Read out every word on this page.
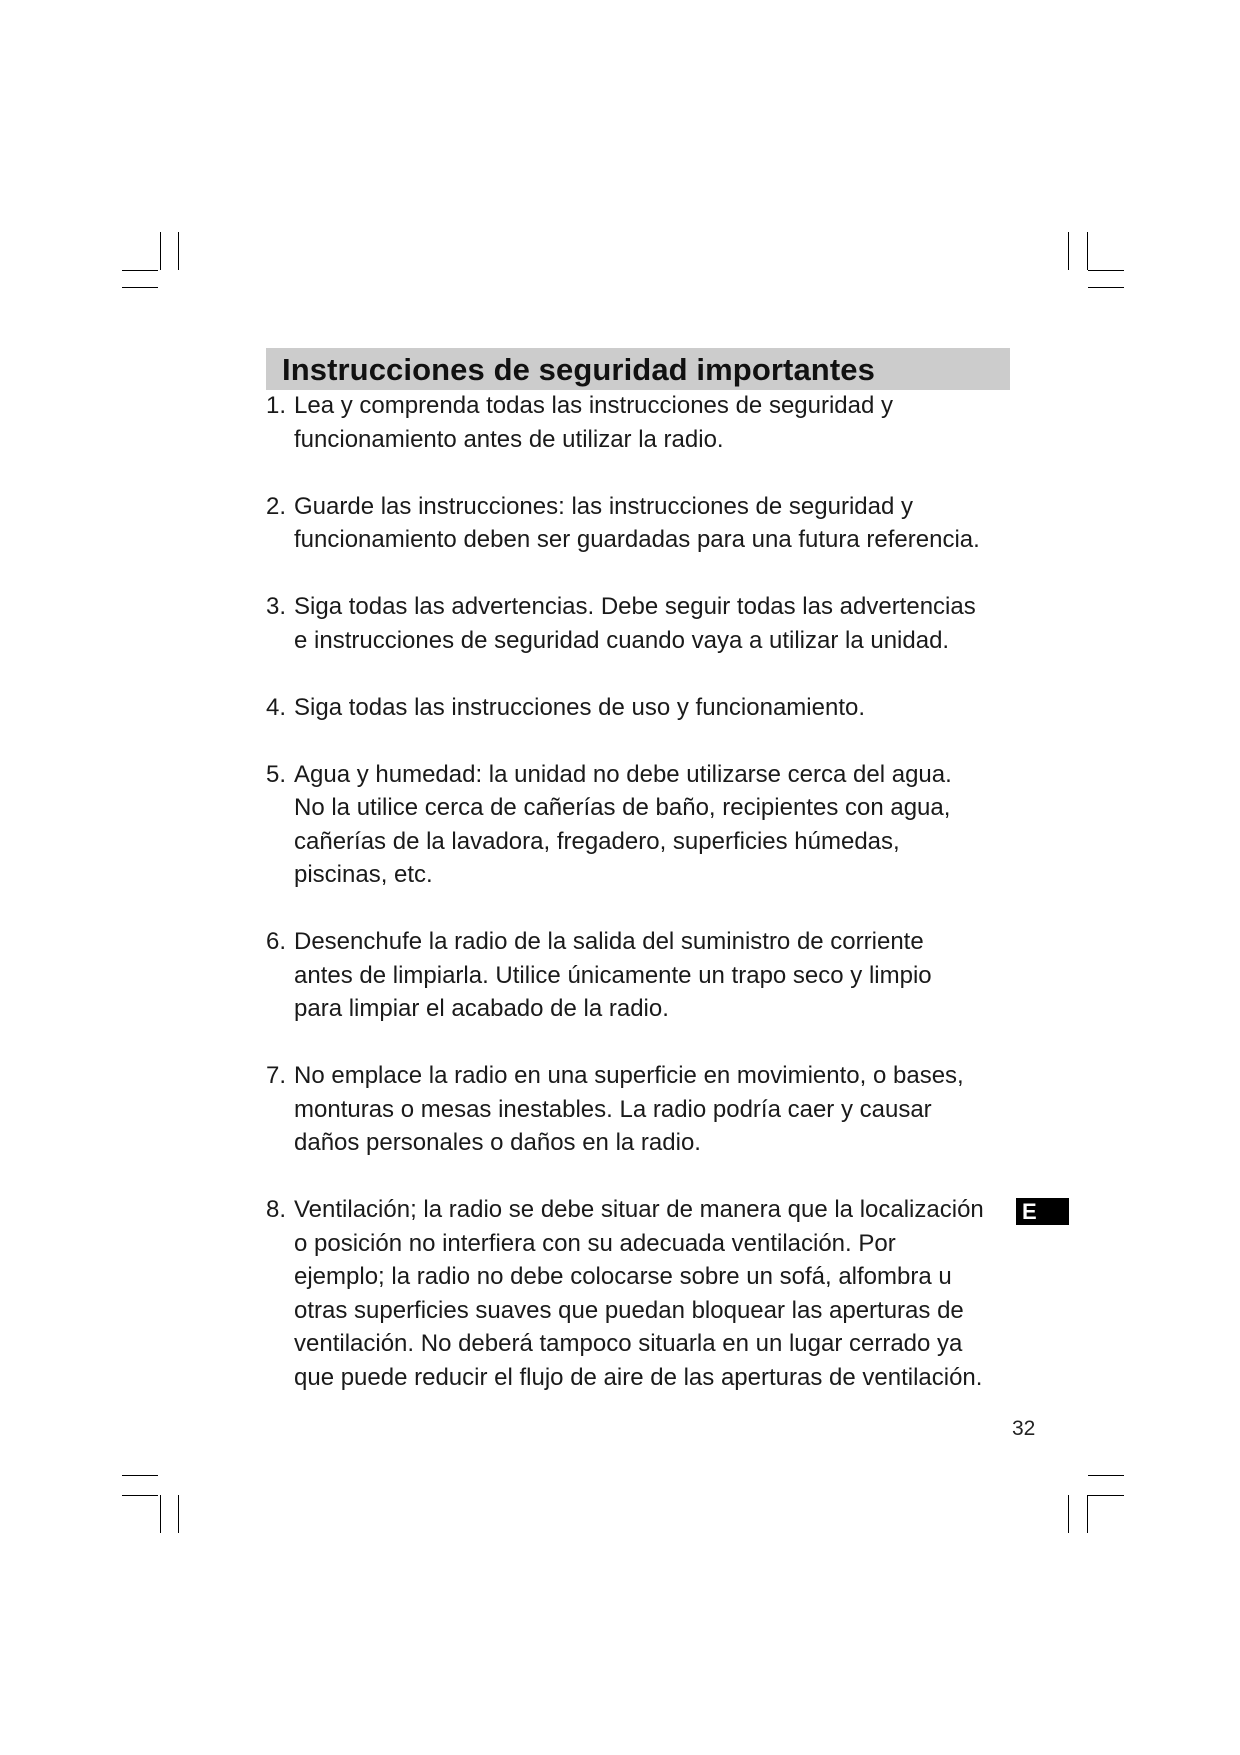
Instrucciones de seguridad importantes
1. Lea y comprenda todas las instrucciones de seguridad y
funcionamiento antes de utilizar la radio.
2. Guarde las instrucciones: las instrucciones de seguridad y
funcionamiento deben ser guardadas para una futura referencia.
3. Siga todas las advertencias. Debe seguir todas las advertencias
e instrucciones de seguridad cuando vaya a utilizar la unidad.
4. Siga todas las instrucciones de uso y funcionamiento.
5. Agua y humedad: la unidad no debe utilizarse cerca del agua.
No la utilice cerca de cañerías de baño, recipientes con agua,
cañerías de la lavadora, fregadero, superficies húmedas,
piscinas, etc.
6. Desenchufe la radio de la salida del suministro de corriente
antes de limpiarla. Utilice únicamente un trapo seco y limpio
para limpiar el acabado de la radio.
7. No emplace la radio en una superficie en movimiento, o bases,
monturas o mesas inestables. La radio podría caer y causar
daños personales o daños en la radio.
8. Ventilación; la radio se debe situar de manera que la localización
o posición no interfiera con su adecuada ventilación. Por
ejemplo; la radio no debe colocarse sobre un sofá, alfombra u
otras superficies suaves que puedan bloquear las aperturas de
ventilación. No deberá tampoco situarla en un lugar cerrado ya
que puede reducir el flujo de aire de las aperturas de ventilación.
E
32
